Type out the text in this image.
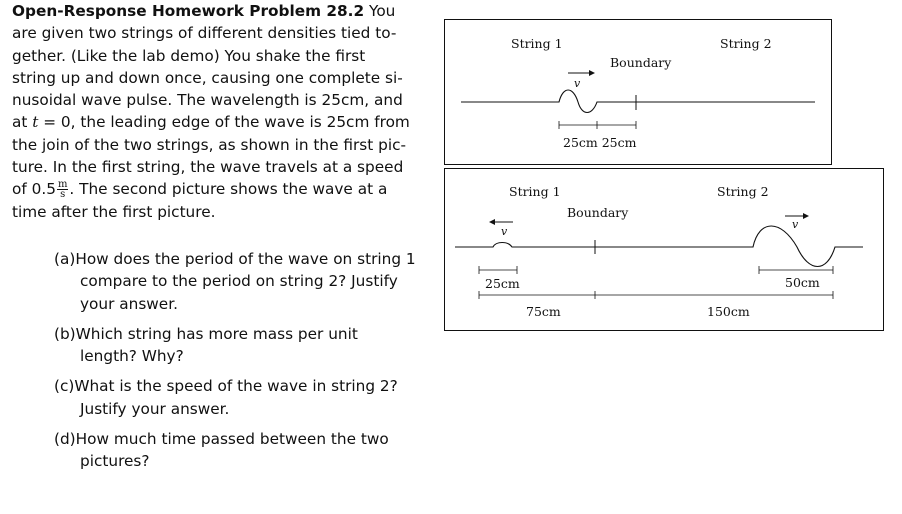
Open-Response Homework Problem 28.2 You
are given two strings of different densities tied to-
gether. (Like the lab demo) You shake the first
string up and down once, causing one complete si-
nusoidal wave pulse. The wavelength is 25cm, and
at t = 0, the leading edge of the wave is 25cm from
the join of the two strings, as shown in the first pic-
ture. In the first string, the wave travels at a speed
of $0.5 \frac{m}{s}$ . The second picture shows the wave at a
time after the first picture.

(a)How does the period of the wave on string 1
compare to the period on string 2? Justify
your answer.
(b)Which string has more mass per unit
length? Why?
(c)What is the speed of the wave in string 2?
Justify your answer.
(d)How much time passed between the two
pictures?
String 1	String 2
Boundary
v
25cm 25cm
String 1	String 2
Boundary
v
v
25cm
75cm	150cm
50cm
